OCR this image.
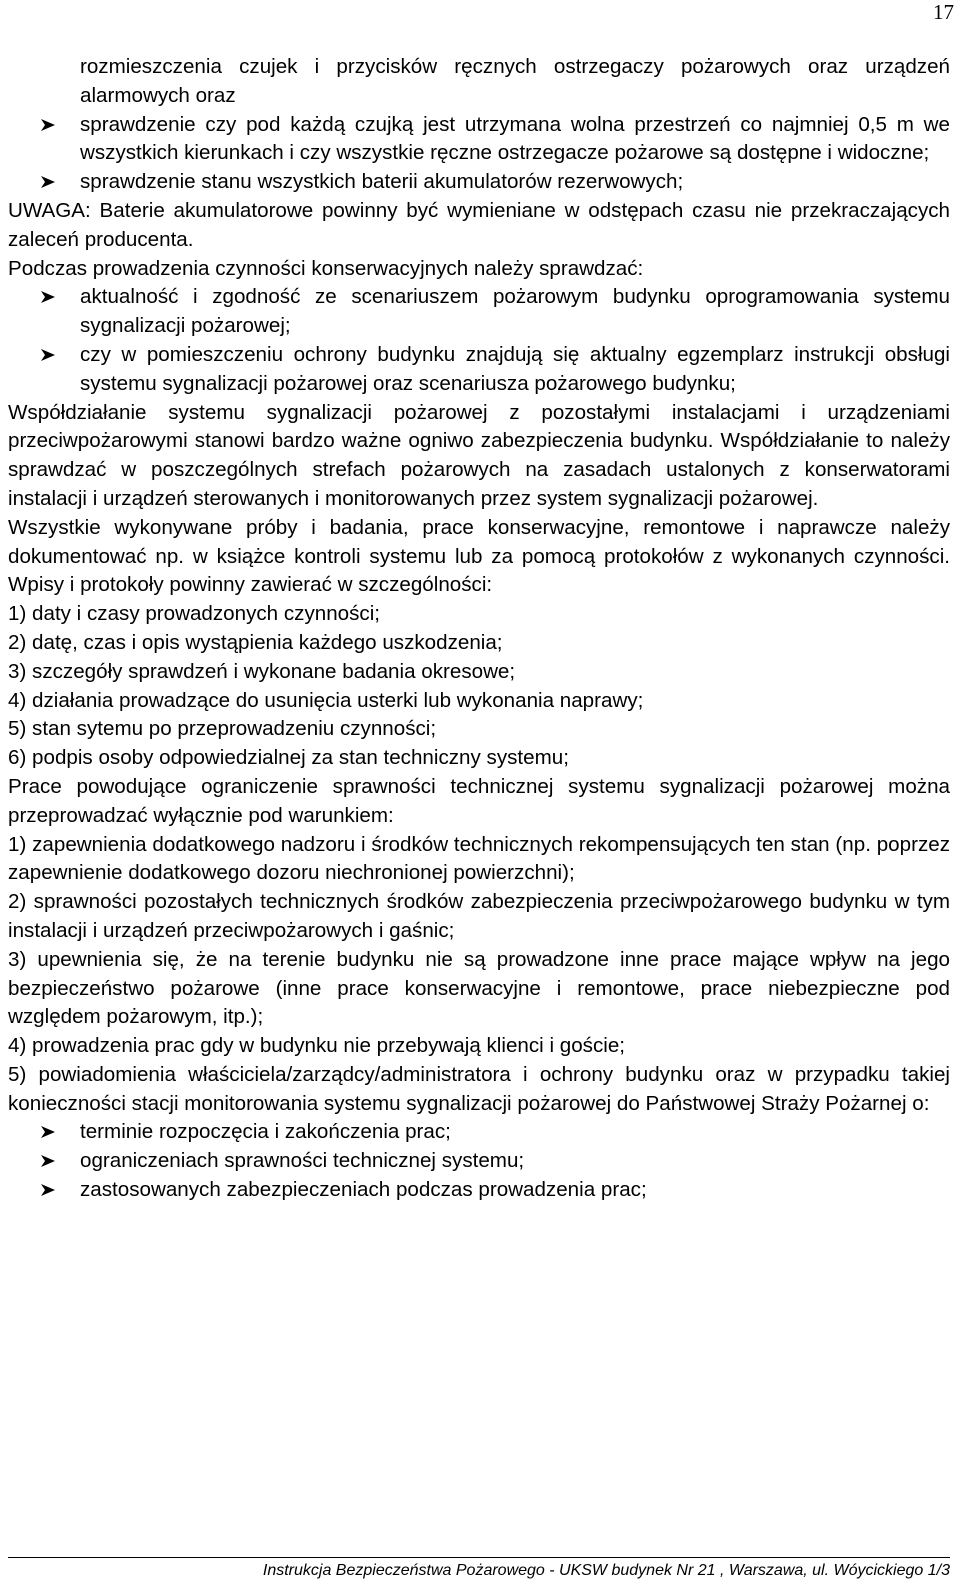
17
rozmieszczenia czujek i przycisków ręcznych ostrzegaczy pożarowych oraz urządzeń alarmowych oraz
sprawdzenie czy pod każdą czujką jest utrzymana wolna przestrzeń co najmniej 0,5 m we wszystkich kierunkach i czy wszystkie ręczne ostrzegacze pożarowe są dostępne i widoczne;
sprawdzenie stanu wszystkich baterii akumulatorów rezerwowych;
UWAGA: Baterie akumulatorowe powinny być wymieniane w odstępach czasu nie przekraczających zaleceń producenta.
Podczas prowadzenia czynności konserwacyjnych należy sprawdzać:
aktualność i zgodność ze scenariuszem pożarowym budynku oprogramowania systemu sygnalizacji pożarowej;
czy w pomieszczeniu ochrony budynku znajdują się aktualny egzemplarz instrukcji obsługi systemu sygnalizacji pożarowej oraz scenariusza pożarowego budynku;
Współdziałanie systemu sygnalizacji pożarowej z pozostałymi instalacjami i urządzeniami przeciwpożarowymi stanowi bardzo ważne ogniwo zabezpieczenia budynku. Współdziałanie to należy sprawdzać w poszczególnych strefach pożarowych na zasadach ustalonych z konserwatorami instalacji i urządzeń sterowanych i monitorowanych przez system sygnalizacji pożarowej.
Wszystkie wykonywane próby i badania, prace konserwacyjne, remontowe i naprawcze należy dokumentować np. w książce kontroli systemu lub za pomocą protokołów z wykonanych czynności. Wpisy i protokoły powinny zawierać w szczególności:
1) daty i czasy prowadzonych czynności;
2) datę, czas i opis wystąpienia każdego uszkodzenia;
3) szczegóły sprawdzeń i wykonane badania okresowe;
4) działania prowadzące do usunięcia usterki lub wykonania naprawy;
5) stan sytemu po przeprowadzeniu czynności;
6) podpis osoby odpowiedzialnej za stan techniczny systemu;
Prace powodujące ograniczenie sprawności technicznej systemu sygnalizacji pożarowej można przeprowadzać wyłącznie pod warunkiem:
1) zapewnienia dodatkowego nadzoru i środków technicznych rekompensujących ten stan (np. poprzez zapewnienie dodatkowego dozoru niechronionej powierzchni);
2) sprawności pozostałych technicznych środków zabezpieczenia przeciwpożarowego budynku w tym instalacji i urządzeń przeciwpożarowych i gaśnic;
3) upewnienia się, że na terenie budynku nie są prowadzone inne prace mające wpływ na jego bezpieczeństwo pożarowe (inne prace konserwacyjne i remontowe, prace niebezpieczne pod względem pożarowym, itp.);
4) prowadzenia prac gdy w budynku nie przebywają klienci i goście;
5) powiadomienia właściciela/zarządcy/administratora i ochrony budynku oraz w przypadku takiej konieczności stacji monitorowania systemu sygnalizacji pożarowej do Państwowej Straży Pożarnej o:
terminie rozpoczęcia i zakończenia prac;
ograniczeniach sprawności technicznej systemu;
zastosowanych zabezpieczeniach podczas prowadzenia prac;
Instrukcja Bezpieczeństwa Pożarowego - UKSW budynek Nr 21 , Warszawa, ul. Wóycickiego 1/3
